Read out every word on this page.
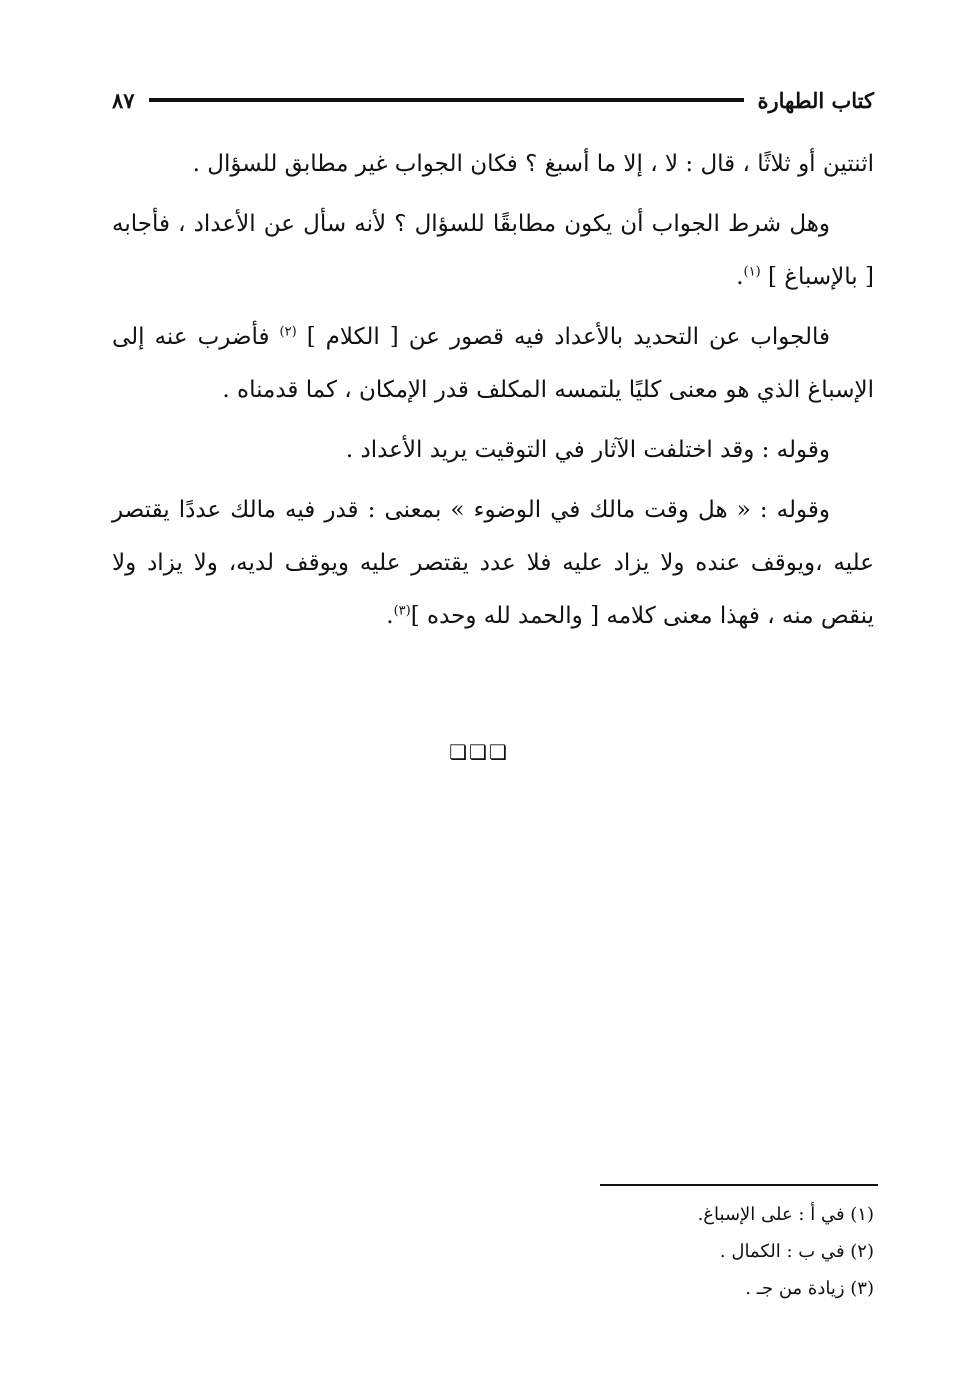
كتاب الطهارة
٨٧

اثنتين أو ثلاثًا ، قال : لا ، إلا ما أسبغ ؟ فكان الجواب غير مطابق للسؤال .

وهل شرط الجواب أن يكون مطابقًا للسؤال ؟ لأنه سأل عن الأعداد ، فأجابه [ بالإسباغ ] $^{(١)}$.

فالجواب عن التحديد بالأعداد فيه قصور عن [ الكلام ] $^{(٢)}$ فأضرب عنه إلى الإسباغ الذي هو معنى كليًا يلتمسه المكلف قدر الإمكان ، كما قدمناه .

وقوله : وقد اختلفت الآثار في التوقيت يريد الأعداد .

وقوله : « هل وقت مالك في الوضوء » بمعنى : قدر فيه مالك عددًا يقتصر عليه ،ويوقف عنده ولا يزاد عليه فلا عدد يقتصر عليه ويوقف لديه، ولا يزاد ولا ينقص منه ، فهذا معنى كلامه [ والحمد لله وحده ]$^{(٣)}$.

❏❏❏
(١) في أ : على الإسباغ.
(٢) في ب : الكمال .
(٣) زيادة من جـ .
